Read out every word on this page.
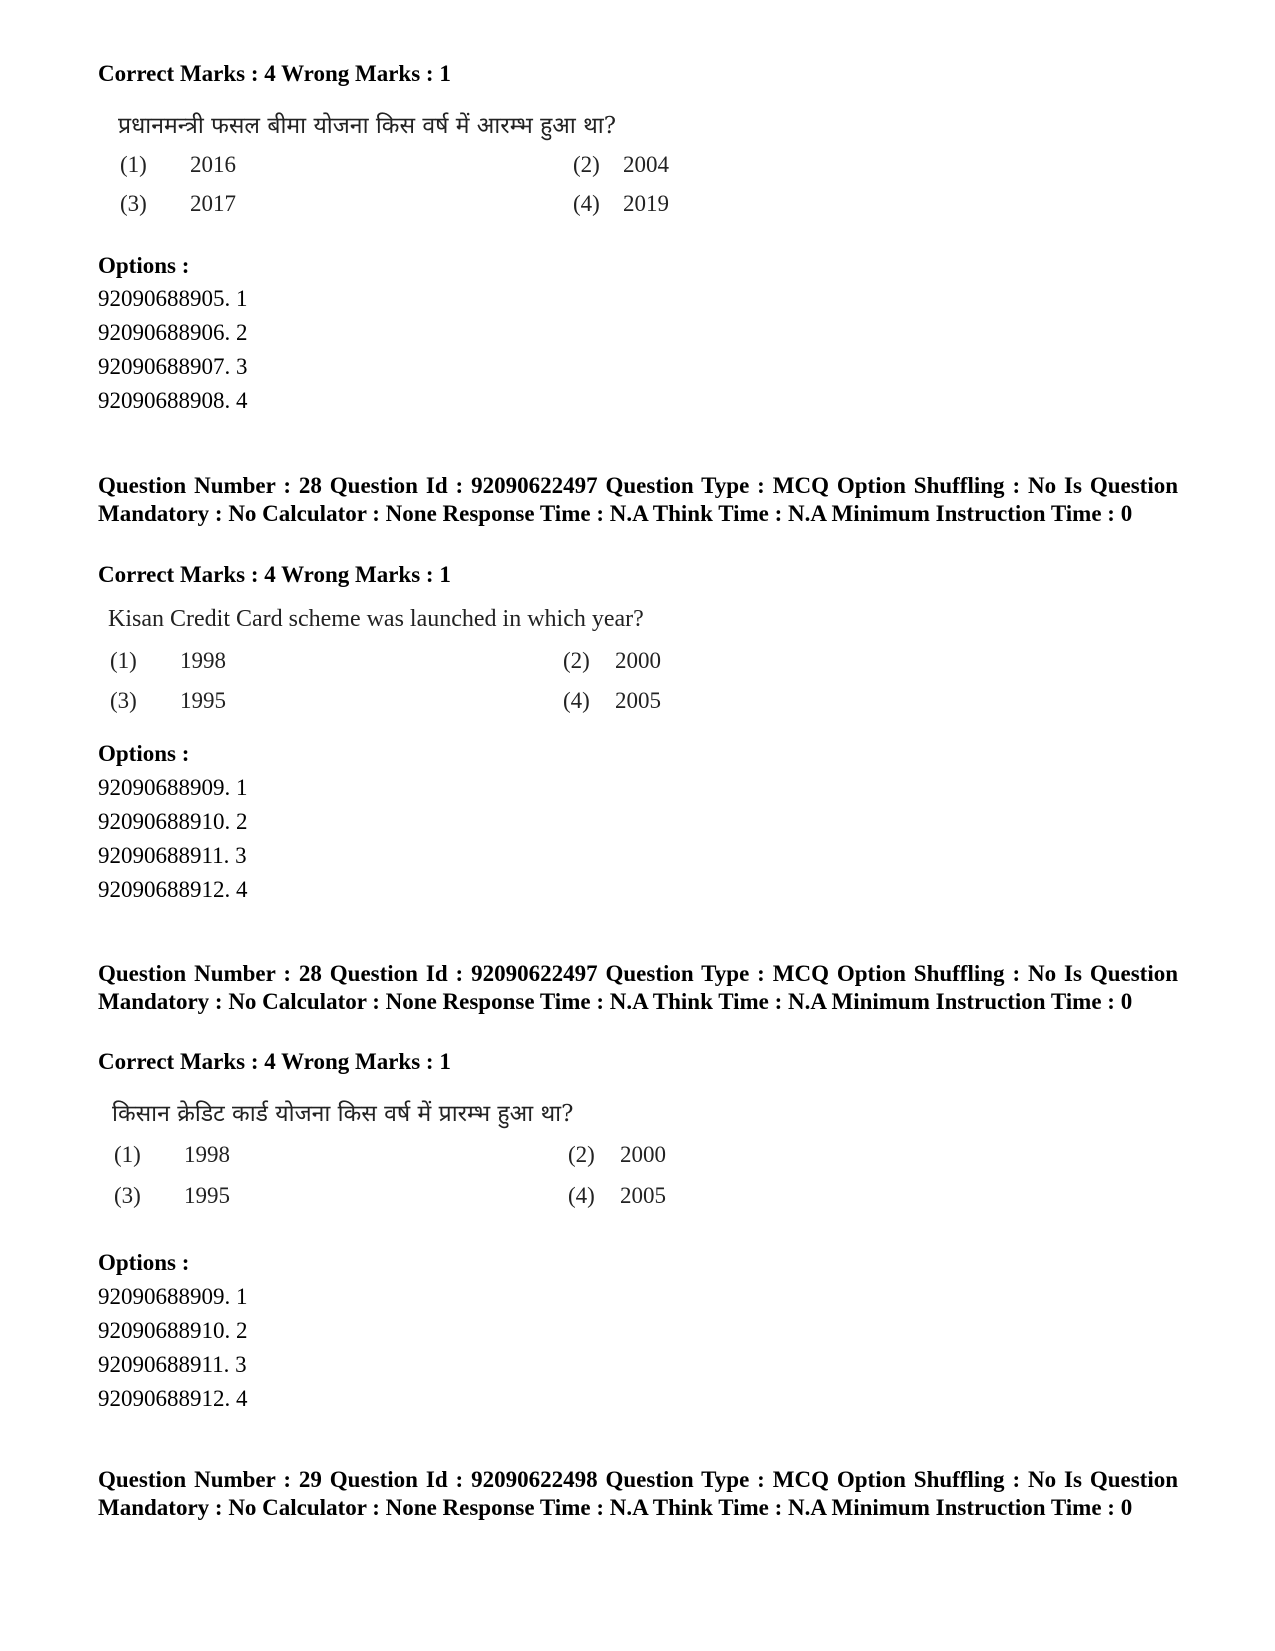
Correct Marks : 4 Wrong Marks : 1
प्रधानमन्त्री फसल बीमा योजना किस वर्ष में आरम्भ हुआ था?
(1) 2016	(2) 2004
(3) 2017	(4) 2019
Options :
92090688905. 1
92090688906. 2
92090688907. 3
92090688908. 4
Question Number : 28 Question Id : 92090622497 Question Type : MCQ Option Shuffling : No Is Question Mandatory : No Calculator : None Response Time : N.A Think Time : N.A Minimum Instruction Time : 0
Correct Marks : 4 Wrong Marks : 1
Kisan Credit Card scheme was launched in which year?
(1) 1998	(2) 2000
(3) 1995	(4) 2005
Options :
92090688909. 1
92090688910. 2
92090688911. 3
92090688912. 4
Question Number : 28 Question Id : 92090622497 Question Type : MCQ Option Shuffling : No Is Question Mandatory : No Calculator : None Response Time : N.A Think Time : N.A Minimum Instruction Time : 0
Correct Marks : 4 Wrong Marks : 1
किसान क्रेडिट कार्ड योजना किस वर्ष में प्रारम्भ हुआ था?
(1) 1998	(2) 2000
(3) 1995	(4) 2005
Options :
92090688909. 1
92090688910. 2
92090688911. 3
92090688912. 4
Question Number : 29 Question Id : 92090622498 Question Type : MCQ Option Shuffling : No Is Question Mandatory : No Calculator : None Response Time : N.A Think Time : N.A Minimum Instruction Time : 0
